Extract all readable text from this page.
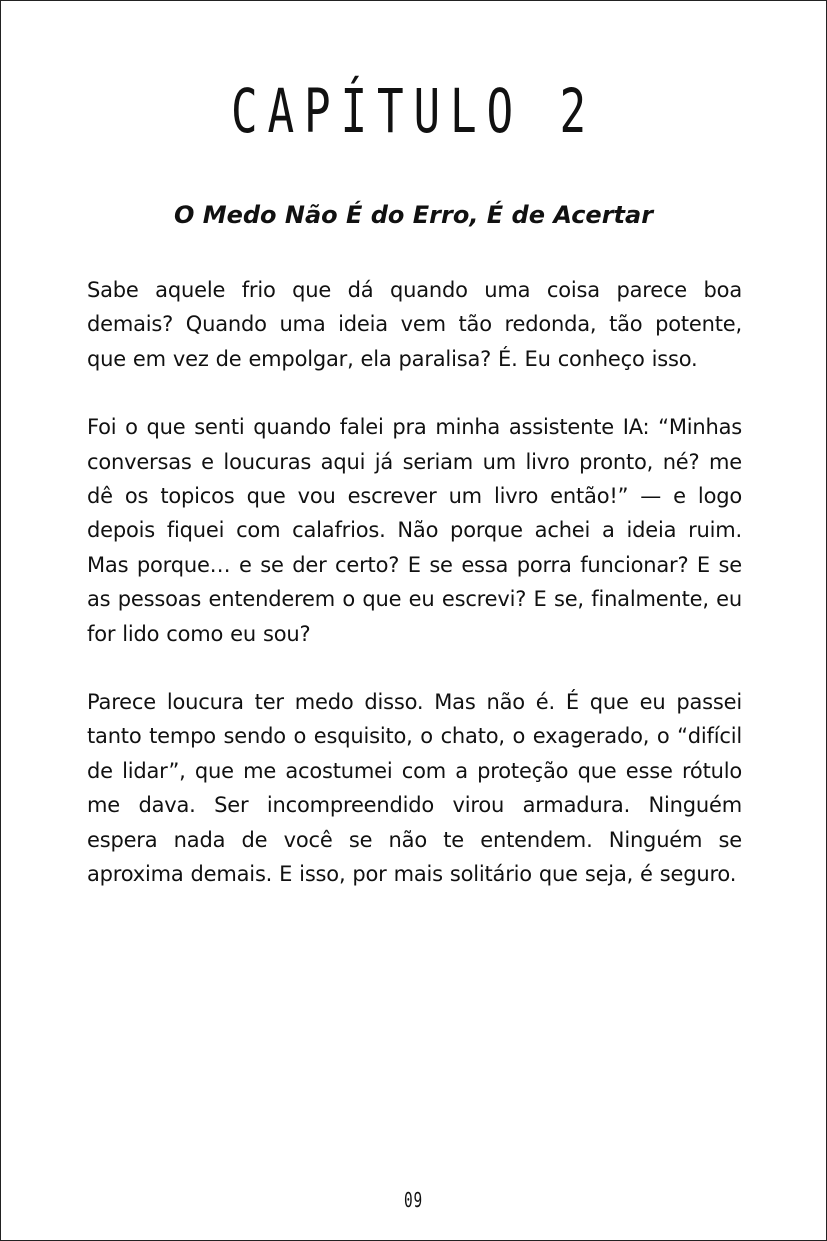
CAPÍTULO 2
O Medo Não É do Erro, É de Acertar

Sabe aquele frio que dá quando uma coisa parece boa demais? Quando uma ideia vem tão redonda, tão potente, que em vez de empolgar, ela paralisa? É. Eu conheço isso.

Foi o que senti quando falei pra minha assistente IA: “Minhas conversas e loucuras aqui já seriam um livro pronto, né? me dê os topicos que vou escrever um livro então!” — e logo depois fiquei com calafrios. Não porque achei a ideia ruim. Mas porque… e se der certo? E se essa porra funcionar? E se as pessoas entenderem o que eu escrevi? E se, finalmente, eu for lido como eu sou?

Parece loucura ter medo disso. Mas não é. É que eu passei tanto tempo sendo o esquisito, o chato, o exagerado, o “difícil de lidar”, que me acostumei com a proteção que esse rótulo me dava. Ser incompreendido virou armadura. Ninguém espera nada de você se não te entendem. Ninguém se aproxima demais. E isso, por mais solitário que seja, é seguro.

09
